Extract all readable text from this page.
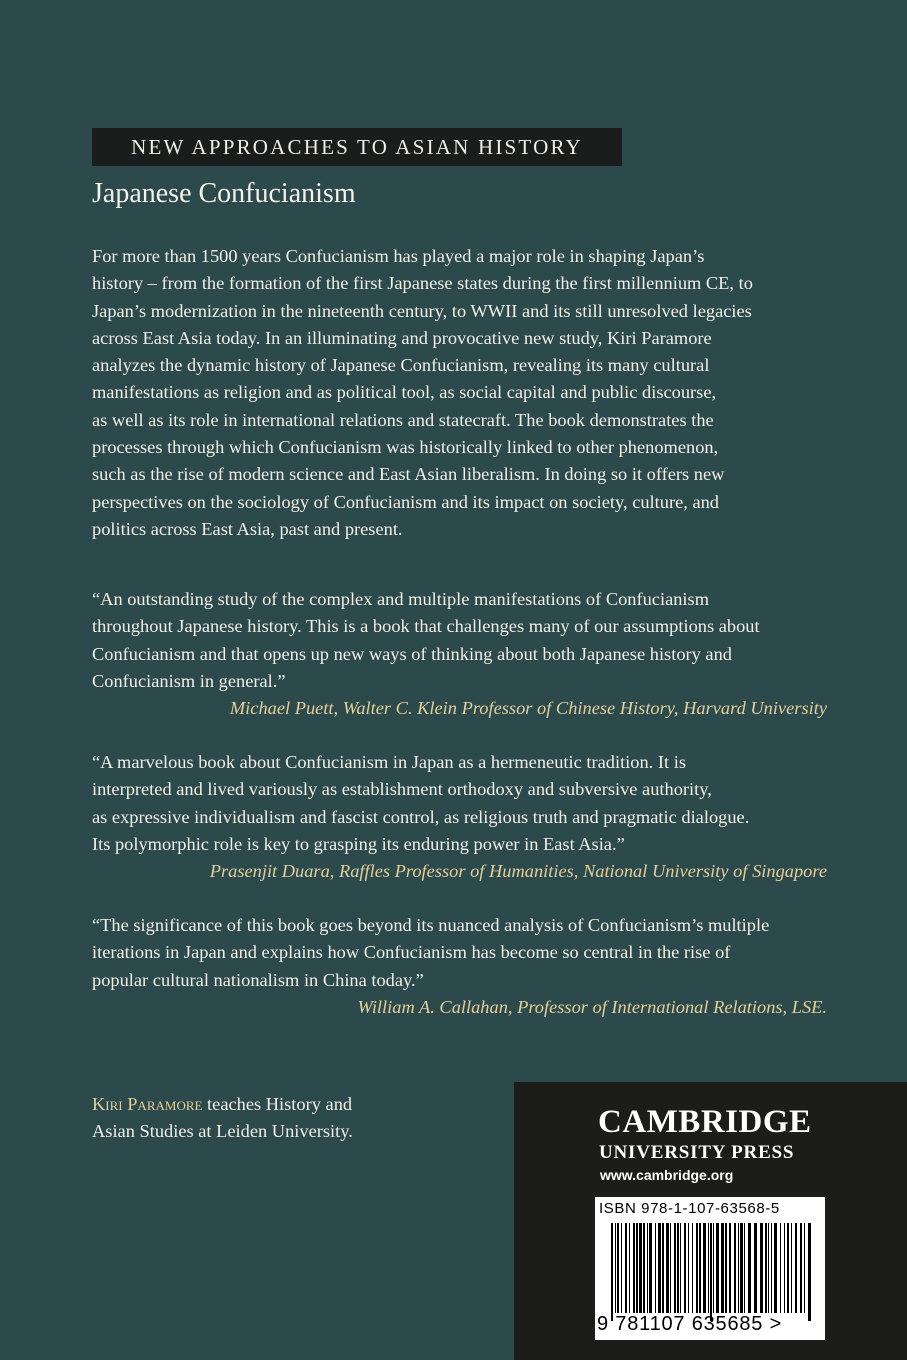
NEW APPROACHES TO ASIAN HISTORY
Japanese Confucianism

For more than 1500 years Confucianism has played a major role in shaping Japan’s
history – from the formation of the first Japanese states during the first millennium CE, to
Japan’s modernization in the nineteenth century, to WWII and its still unresolved legacies
across East Asia today. In an illuminating and provocative new study, Kiri Paramore
analyzes the dynamic history of Japanese Confucianism, revealing its many cultural
manifestations as religion and as political tool, as social capital and public discourse,
as well as its role in international relations and statecraft. The book demonstrates the
processes through which Confucianism was historically linked to other phenomenon,
such as the rise of modern science and East Asian liberalism. In doing so it offers new
perspectives on the sociology of Confucianism and its impact on society, culture, and
politics across East Asia, past and present.

“An outstanding study of the complex and multiple manifestations of Confucianism
throughout Japanese history. This is a book that challenges many of our assumptions about
Confucianism and that opens up new ways of thinking about both Japanese history and
Confucianism in general.”
Michael Puett, Walter C. Klein Professor of Chinese History, Harvard University

“A marvelous book about Confucianism in Japan as a hermeneutic tradition. It is
interpreted and lived variously as establishment orthodoxy and subversive authority,
as expressive individualism and fascist control, as religious truth and pragmatic dialogue.
Its polymorphic role is key to grasping its enduring power in East Asia.”
Prasenjit Duara, Raffles Professor of Humanities, National University of Singapore

“The significance of this book goes beyond its nuanced analysis of Confucianism’s multiple
iterations in Japan and explains how Confucianism has become so central in the rise of
popular cultural nationalism in China today.”
William A. Callahan, Professor of International Relations, LSE.

Kiri Paramore teaches History and
Asian Studies at Leiden University.	CAMBRIDGE
UNIVERSITY PRESS
www.cambridge.org
ISBN 978-1-107-63568-5
9 781107 635685 >
